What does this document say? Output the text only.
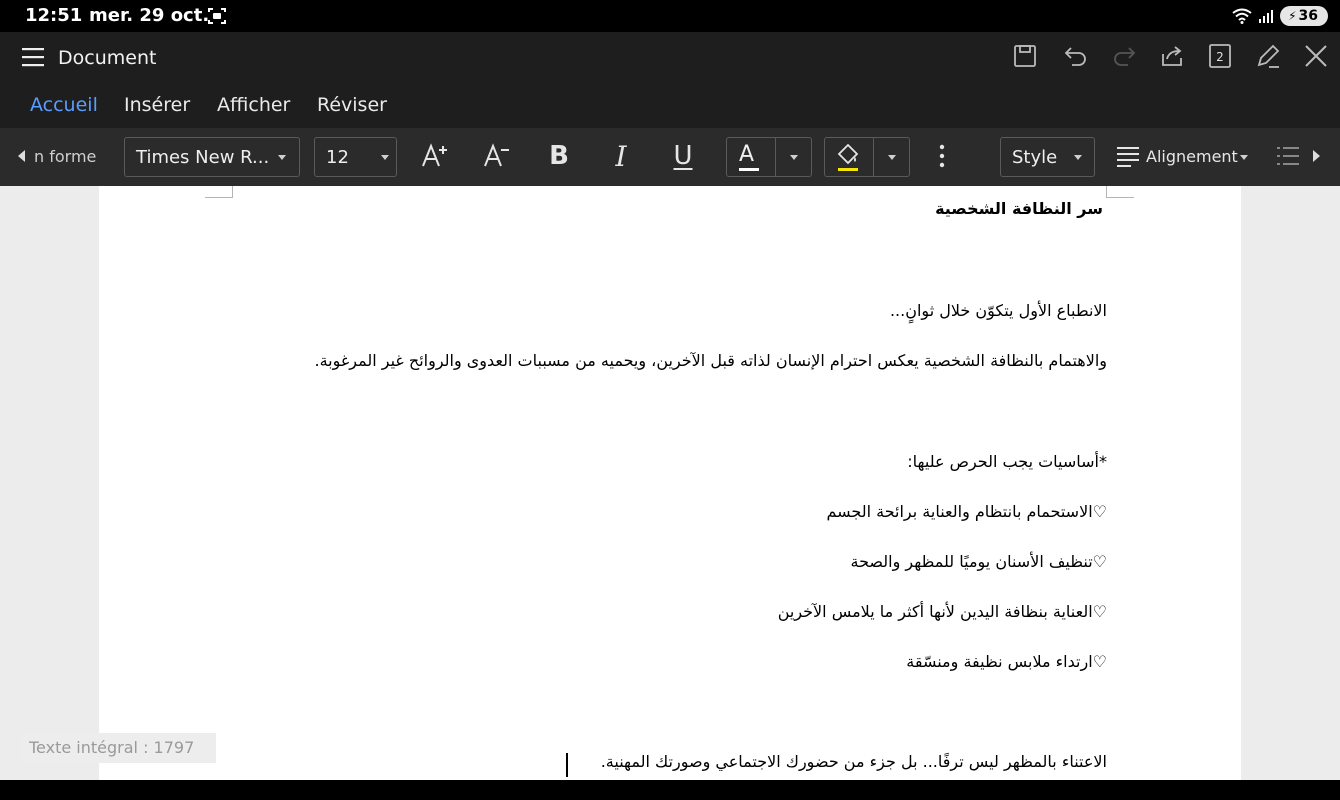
12:51 mer. 29 oct.	⚡ 36
Document	2
Accueil Insérer Afficher Réviser
n forme Times New R...	12	B	I	U A	Style	Alignement
سر النظافة الشخصية
الانطباع الأول يتكوّن خلال ثوانٍ...
والاهتمام بالنظافة الشخصية يعكس احترام الإنسان لذاته قبل الآخرين، ويحميه من مسببات العدوى والروائح غير المرغوبة.
*أساسيات يجب الحرص عليها:
♡الاستحمام بانتظام والعناية برائحة الجسم
♡تنظيف الأسنان يوميًا للمظهر والصحة
♡العناية بنظافة اليدين لأنها أكثر ما يلامس الآخرين
♡ارتداء ملابس نظيفة ومنسّقة
الاعتناء بالمظهر ليس ترفًا... بل جزء من حضورك الاجتماعي وصورتك المهنية.
Texte intégral : 1797
